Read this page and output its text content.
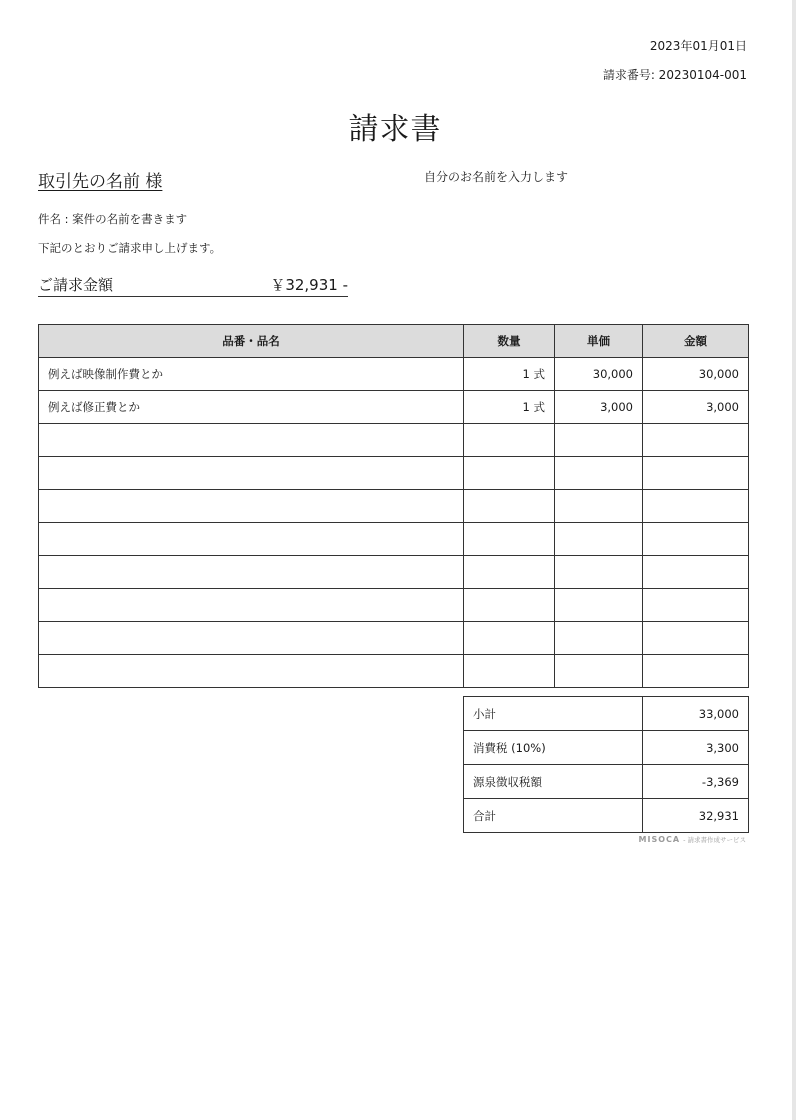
2023年01月01日
請求番号: 20230104-001
請求書
取引先の名前 様	自分のお名前を入力します
件名 : 案件の名前を書きます
下記のとおりご請求申し上げます。
ご請求金額	￥32,931 -
品番・品名	数量	単価	金額
例えば映像制作費とか	1 式	30,000	30,000
例えば修正費とか	1 式	3,000	3,000

小計	33,000
消費税 (10%)	3,300
源泉徴収税額	-3,369
合計	32,931
MISOCA - 請求書作成サービス
